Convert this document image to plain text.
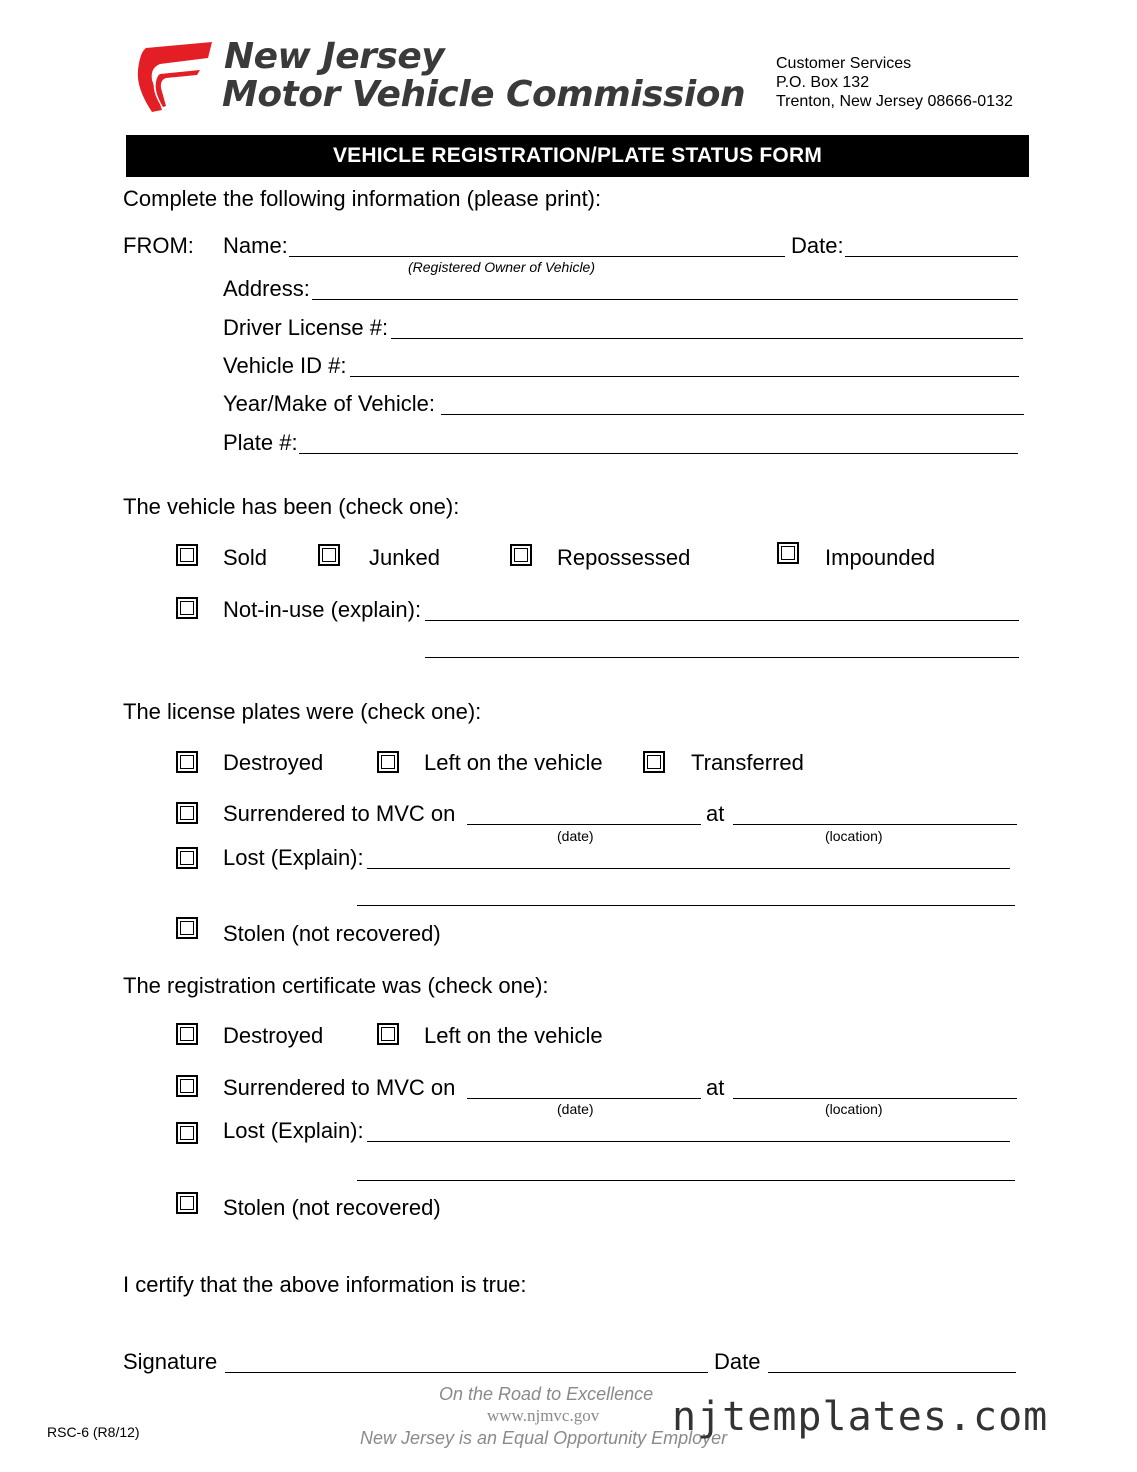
New Jersey
Motor Vehicle Commission
Customer Services
P.O. Box 132
Trenton, New Jersey 08666-0132
VEHICLE REGISTRATION/PLATE STATUS FORM
Complete the following information (please print):
FROM: Name:	Date:
(Registered Owner of Vehicle)
Address:
Driver License #:
Vehicle ID #:
Year/Make of Vehicle:
Plate #:
The vehicle has been (check one):
Sold	Junked	Repossessed	Impounded
Not-in-use (explain):
The license plates were (check one):
Destroyed	Left on the vehicle	Transferred
Surrendered to MVC on	at
(date)	(location)
Lost (Explain):
Stolen (not recovered)
The registration certificate was (check one):
Destroyed	Left on the vehicle
Surrendered to MVC on	at
(date)	(location)
Lost (Explain):
Stolen (not recovered)
I certify that the above information is true:
Signature	Date
RSC-6 (R8/12)
On the Road to Excellence
www.njmvc.gov
New Jersey is an Equal Opportunity Employer
njtemplates.com
